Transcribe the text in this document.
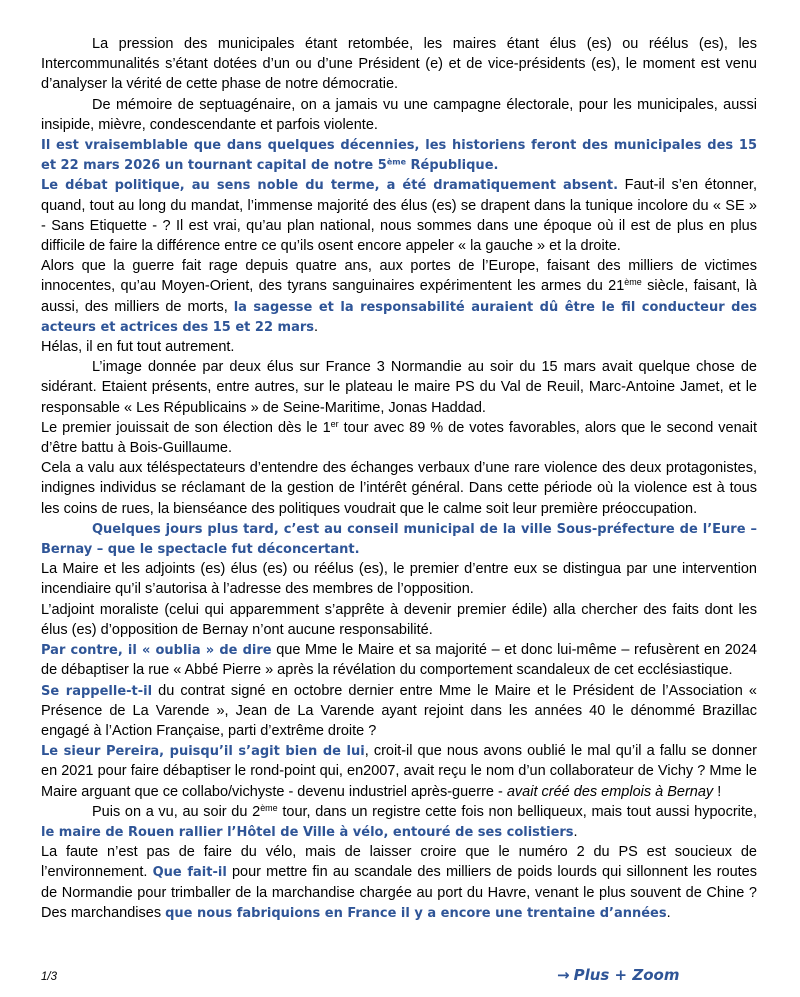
La pression des municipales étant retombée, les maires étant élus (es) ou réélus (es), les Intercommunalités s’étant dotées d’un ou d’une Président (e) et de vice-présidents (es), le moment est venu d’analyser la vérité de cette phase de notre démocratie.

De mémoire de septuagénaire, on a jamais vu une campagne électorale, pour les municipales, aussi insipide, mièvre, condescendante et parfois violente.

Il est vraisemblable que dans quelques décennies, les historiens feront des municipales des 15 et 22 mars 2026 un tournant capital de notre 5ème République.

Le débat politique, au sens noble du terme, a été dramatiquement absent. Faut-il s’en étonner, quand, tout au long du mandat, l’immense majorité des élus (es) se drapent dans la tunique incolore du « SE » - Sans Etiquette - ? Il est vrai, qu’au plan national, nous sommes dans une époque où il est de plus en plus difficile de faire la différence entre ce qu’ils osent encore appeler « la gauche » et la droite.

Alors que la guerre fait rage depuis quatre ans, aux portes de l’Europe, faisant des milliers de victimes innocentes, qu’au Moyen-Orient, des tyrans sanguinaires expérimentent les armes du 21ème siècle, faisant, là aussi, des milliers de morts, la sagesse et la responsabilité auraient dû être le fil conducteur des acteurs et actrices des 15 et 22 mars.

Hélas, il en fut tout autrement.

L’image donnée par deux élus sur France 3 Normandie au soir du 15 mars avait quelque chose de sidérant. Etaient présents, entre autres, sur le plateau le maire PS du Val de Reuil, Marc-Antoine Jamet, et le responsable « Les Républicains » de Seine-Maritime, Jonas Haddad.

Le premier jouissait de son élection dès le 1er tour avec 89 % de votes favorables, alors que le second venait d’être battu à Bois-Guillaume.

Cela a valu aux téléspectateurs d’entendre des échanges verbaux d’une rare violence des deux protagonistes, indignes individus se réclamant de la gestion de l’intérêt général. Dans cette période où la violence est à tous les coins de rues, la bienséance des politiques voudrait que le calme soit leur première préoccupation.

Quelques jours plus tard, c’est au conseil municipal de la ville Sous-préfecture de l’Eure – Bernay – que le spectacle fut déconcertant.

La Maire et les adjoints (es) élus (es) ou réélus (es), le premier d’entre eux se distingua par une intervention incendiaire qu’il s’autorisa à l’adresse des membres de l’opposition.

L’adjoint moraliste (celui qui apparemment s’apprête à devenir premier édile) alla chercher des faits dont les élus (es) d’opposition de Bernay n’ont aucune responsabilité.

Par contre, il « oublia » de dire que Mme le Maire et sa majorité – et donc lui-même – refusèrent en 2024 de débaptiser la rue « Abbé Pierre » après la révélation du comportement scandaleux de cet ecclésiastique.

Se rappelle-t-il du contrat signé en octobre dernier entre Mme le Maire et le Président de l’Association « Présence de La Varende », Jean de La Varende ayant rejoint dans les années 40 le dénommé Brazillac engagé à l’Action Française, parti d’extrême droite ?

Le sieur Pereira, puisqu’il s’agit bien de lui, croit-il que nous avons oublié le mal qu’il a fallu se donner en 2021 pour faire débaptiser le rond-point qui, en2007, avait reçu le nom d’un collaborateur de Vichy ? Mme le Maire arguant que ce collabo/vichyste - devenu industriel après-guerre - avait créé des emplois à Bernay !

Puis on a vu, au soir du 2ème tour, dans un registre cette fois non belliqueux, mais tout aussi hypocrite, le maire de Rouen rallier l’Hôtel de Ville à vélo, entouré de ses colistiers.

La faute n’est pas de faire du vélo, mais de laisser croire que le numéro 2 du PS est soucieux de l’environnement. Que fait-il pour mettre fin au scandale des milliers de poids lourds qui sillonnent les routes de Normandie pour trimballer de la marchandise chargée au port du Havre, venant le plus souvent de Chine ? Des marchandises que nous fabriquions en France il y a encore une trentaine d’années.

1/3	→ Plus + Zoom
